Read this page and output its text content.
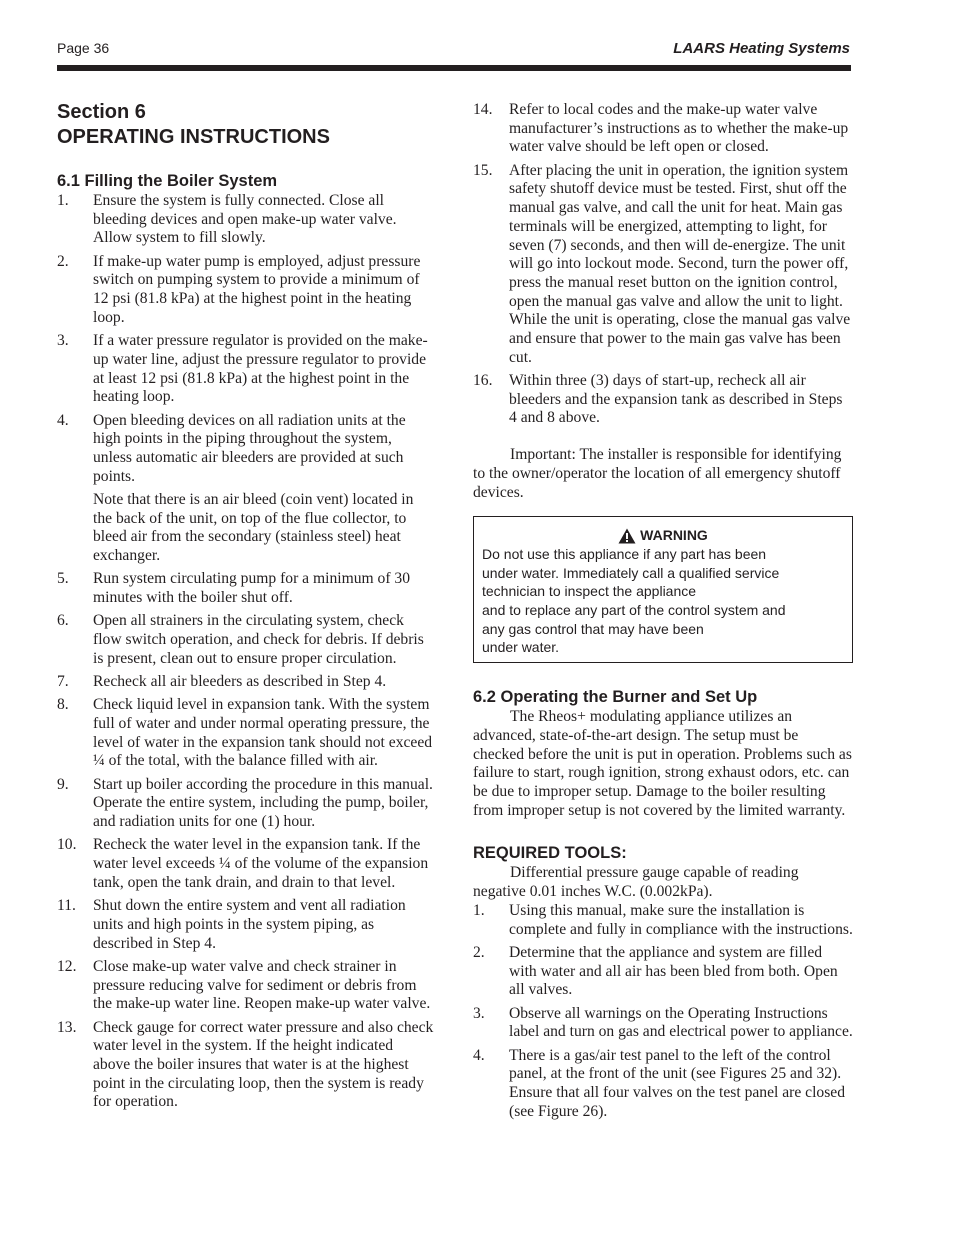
Page 36	LAARS Heating Systems
Section 6
OPERATING INSTRUCTIONS
6.1 Filling the Boiler System
1.	Ensure the system is fully connected. Close all bleeding devices and open make-up water valve. Allow system to fill slowly.
2.	If make-up water pump is employed, adjust pressure switch on pumping system to provide a minimum of 12 psi (81.8 kPa) at the highest point in the heating loop.
3.	If a water pressure regulator is provided on the make-up water line, adjust the pressure regulator to provide at least 12 psi (81.8 kPa) at the highest point in the heating loop.
4.	Open bleeding devices on all radiation units at the high points in the piping throughout the system, unless automatic air bleeders are provided at such points.
Note that there is an air bleed (coin vent) located in the back of the unit, on top of the flue collector, to bleed air from the secondary (stainless steel) heat exchanger.
5.	Run system circulating pump for a minimum of 30 minutes with the boiler shut off.
6.	Open all strainers in the circulating system, check flow switch operation, and check for debris. If debris is present, clean out to ensure proper circulation.
7.	Recheck all air bleeders as described in Step 4.
8.	Check liquid level in expansion tank. With the system full of water and under normal operating pressure, the level of water in the expansion tank should not exceed ¼ of the total, with the balance filled with air.
9.	Start up boiler according the procedure in this manual. Operate the entire system, including the pump, boiler, and radiation units for one (1) hour.
10.	Recheck the water level in the expansion tank. If the water level exceeds ¼ of the volume of the expansion tank, open the tank drain, and drain to that level.
11.	Shut down the entire system and vent all radiation units and high points in the system piping, as described in Step 4.
12.	Close make-up water valve and check strainer in pressure reducing valve for sediment or debris from the make-up water line. Reopen make-up water valve.
13.	Check gauge for correct water pressure and also check water level in the system. If the height indicated above the boiler insures that water is at the highest point in the circulating loop, then the system is ready for operation.
14.	Refer to local codes and the make-up water valve manufacturer’s instructions as to whether the make-up water valve should be left open or closed.
15.	After placing the unit in operation, the ignition system safety shutoff device must be tested. First, shut off the manual gas valve, and call the unit for heat. Main gas terminals will be energized, attempting to light, for seven (7) seconds, and then will de-energize. The unit will go into lockout mode. Second, turn the power off, press the manual reset button on the ignition control, open the manual gas valve and allow the unit to light. While the unit is operating, close the manual gas valve and ensure that power to the main gas valve has been cut.
16.	Within three (3) days of start-up, recheck all air bleeders and the expansion tank as described in Steps 4 and 8 above.

Important: The installer is responsible for identifying to the owner/operator the location of all emergency shutoff devices.

WARNING
Do not use this appliance if any part has been
under water. Immediately call a qualified service
technician to inspect the appliance
and to replace any part of the control system and
any gas control that may have been
under water.
6.2 Operating the Burner and Set Up

The Rheos+ modulating appliance utilizes an advanced, state-of-the-art design. The setup must be checked before the unit is put in operation. Problems such as failure to start, rough ignition, strong exhaust odors, etc. can be due to improper setup. Damage to the boiler resulting from improper setup is not covered by the limited warranty.

REQUIRED TOOLS:

Differential pressure gauge capable of reading negative 0.01 inches W.C. (0.002kPa).

1.	Using this manual, make sure the installation is complete and fully in compliance with the instructions.
2.	Determine that the appliance and system are filled with water and all air has been bled from both. Open all valves.
3.	Observe all warnings on the Operating Instructions label and turn on gas and electrical power to appliance.
4.	There is a gas/air test panel to the left of the control panel, at the front of the unit (see Figures 25 and 32). Ensure that all four valves on the test panel are closed (see Figure 26).
